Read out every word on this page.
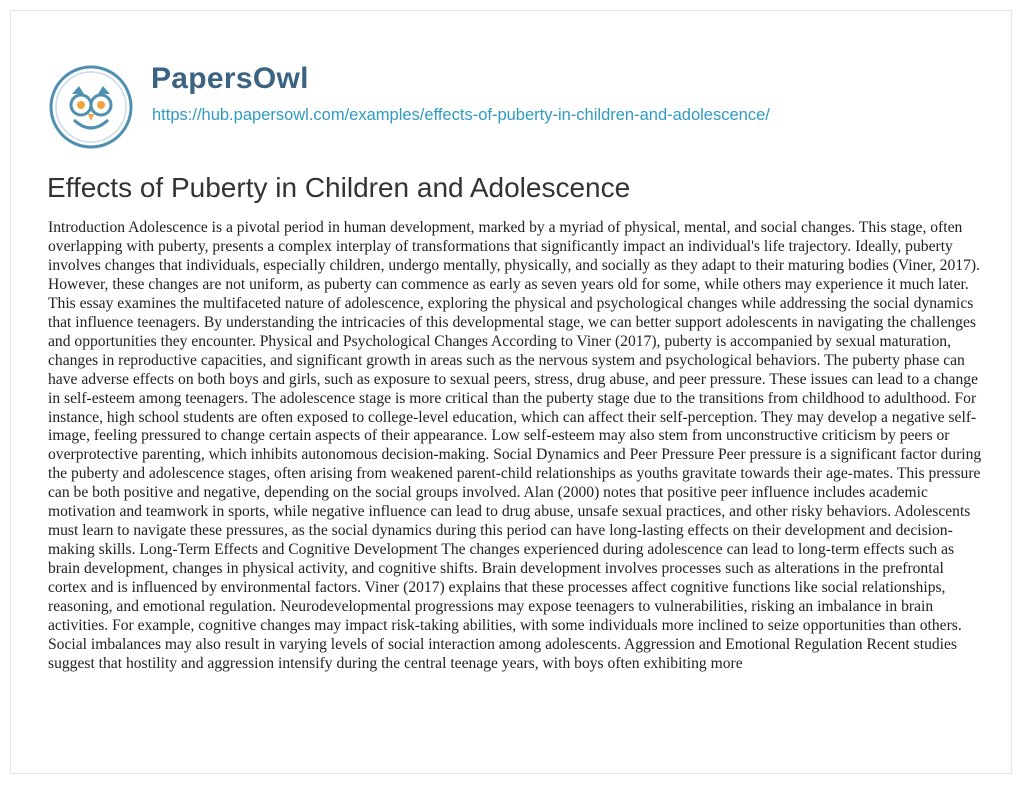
PapersOwl
https://hub.papersowl.com/examples/effects-of-puberty-in-children-and-adolescence/
Effects of Puberty in Children and Adolescence

Introduction Adolescence is a pivotal period in human development, marked by a myriad of physical, mental, and social changes. This stage, often overlapping with puberty, presents a complex interplay of transformations that significantly impact an individual's life trajectory. Ideally, puberty involves changes that individuals, especially children, undergo mentally, physically, and socially as they adapt to their maturing bodies (Viner, 2017). However, these changes are not uniform, as puberty can commence as early as seven years old for some, while others may experience it much later. This essay examines the multifaceted nature of adolescence, exploring the physical and psychological changes while addressing the social dynamics that influence teenagers. By understanding the intricacies of this developmental stage, we can better support adolescents in navigating the challenges and opportunities they encounter. Physical and Psychological Changes According to Viner (2017), puberty is accompanied by sexual maturation, changes in reproductive capacities, and significant growth in areas such as the nervous system and psychological behaviors. The puberty phase can have adverse effects on both boys and girls, such as exposure to sexual peers, stress, drug abuse, and peer pressure. These issues can lead to a change in self-esteem among teenagers. The adolescence stage is more critical than the puberty stage due to the transitions from childhood to adulthood. For instance, high school students are often exposed to college-level education, which can affect their self-perception. They may develop a negative self-image, feeling pressured to change certain aspects of their appearance. Low self-esteem may also stem from unconstructive criticism by peers or overprotective parenting, which inhibits autonomous decision-making. Social Dynamics and Peer Pressure Peer pressure is a significant factor during the puberty and adolescence stages, often arising from weakened parent-child relationships as youths gravitate towards their age-mates. This pressure can be both positive and negative, depending on the social groups involved. Alan (2000) notes that positive peer influence includes academic motivation and teamwork in sports, while negative influence can lead to drug abuse, unsafe sexual practices, and other risky behaviors. Adolescents must learn to navigate these pressures, as the social dynamics during this period can have long-lasting effects on their development and decision-making skills. Long-Term Effects and Cognitive Development The changes experienced during adolescence can lead to long-term effects such as brain development, changes in physical activity, and cognitive shifts. Brain development involves processes such as alterations in the prefrontal cortex and is influenced by environmental factors. Viner (2017) explains that these processes affect cognitive functions like social relationships, reasoning, and emotional regulation. Neurodevelopmental progressions may expose teenagers to vulnerabilities, risking an imbalance in brain activities. For example, cognitive changes may impact risk-taking abilities, with some individuals more inclined to seize opportunities than others. Social imbalances may also result in varying levels of social interaction among adolescents. Aggression and Emotional Regulation Recent studies suggest that hostility and aggression intensify during the central teenage years, with boys often exhibiting more
